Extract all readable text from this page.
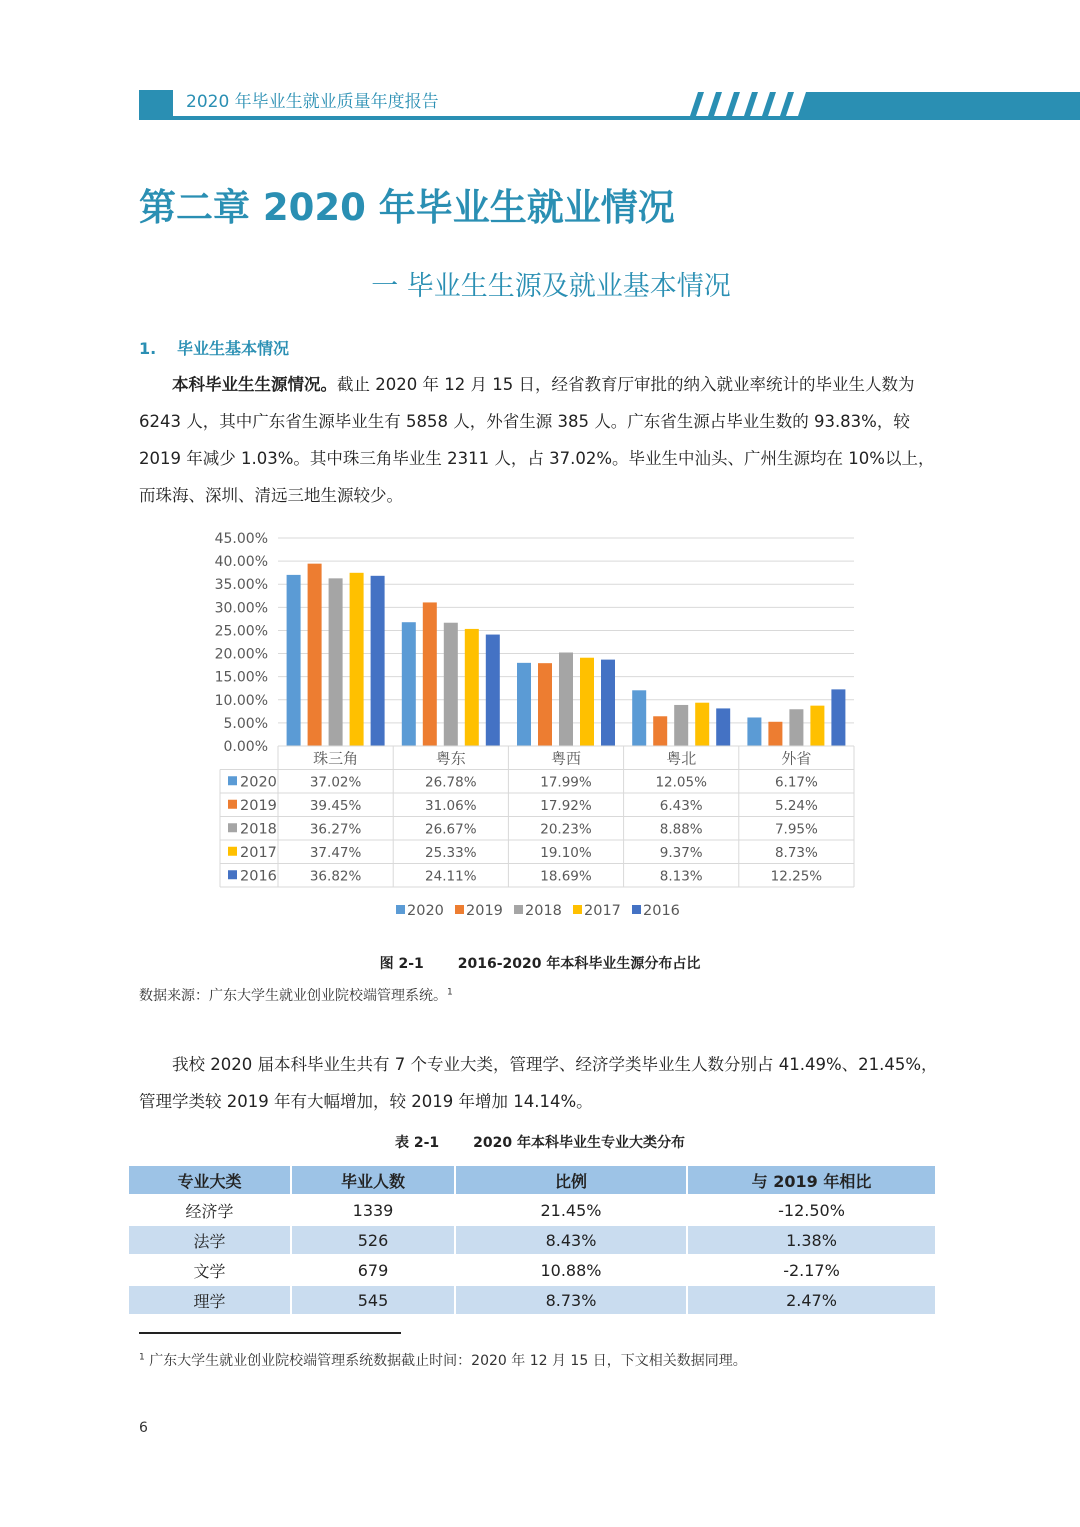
2020 年毕业生就业质量年度报告
第二章 2020 年毕业生就业情况
一 毕业生生源及就业基本情况
1. 毕业生基本情况
本科毕业生生源情况。截止 2020 年 12 月 15 日，经省教育厅审批的纳入就业率统计的毕业生人数为 6243 人，其中广东省生源毕业生有 5858 人，外省生源 385 人。广东省生源占毕业生数的 93.83%，较 2019 年减少 1.03%。其中珠三角毕业生 2311 人，占 37.02%。毕业生中汕头、广州生源均在 10%以上，而珠海、深圳、清远三地生源较少。
0.00%
5.00%
10.00%
15.00%
20.00%
25.00%
30.00%
35.00%
40.00%
45.00%
珠三角	粤东	粤西	粤北	外省
2020 37.02%	26.78%	17.99%	12.05%	6.17%
2019 39.45%	31.06%	17.92%	6.43%	5.24%
2018 36.27%	26.67%	20.23%	8.88%	7.95%
2017 37.47%	25.33%	19.10%	9.37%	8.73%
2016 36.82%	24.11%	18.69%	8.13%	12.25%
2020 2019 2018 2017 2016
图 2-1 2016-2020 年本科毕业生源分布占比
数据来源：广东大学生就业创业院校端管理系统。$^1$
我校 2020 届本科毕业生共有 7 个专业大类，管理学、经济学类毕业生人数分别占 41.49%、21.45%，管理学类较 2019 年有大幅增加，较 2019 年增加 14.14%。
表 2-1 2020 年本科毕业生专业大类分布
专业大类	毕业人数	比例	与 2019 年相比
经济学	1339	21.45%	-12.50%
法学	526	8.43%	1.38%
文学	679	10.88%	-2.17%
理学	545	8.73%	2.47%
$^1$ 广东大学生就业创业院校端管理系统数据截止时间：2020 年 12 月 15 日，下文相关数据同理。
6
